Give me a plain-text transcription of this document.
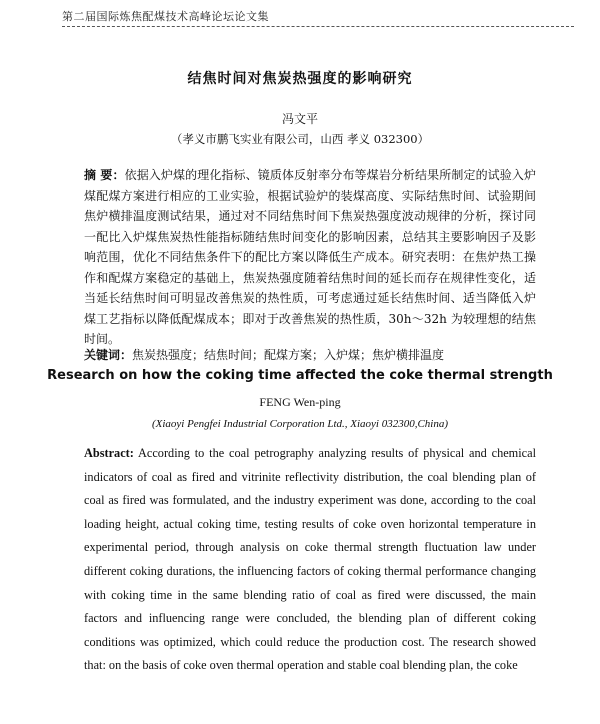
第二届国际炼焦配煤技术高峰论坛论文集
结焦时间对焦炭热强度的影响研究
冯文平
（孝义市鹏飞实业有限公司，山西 孝义 032300）
摘 要：依据入炉煤的理化指标、镜质体反射率分布等煤岩分析结果所制定的试验入炉煤配煤方案进行相应的工业实验，根据试验炉的装煤高度、实际结焦时间、试验期间焦炉横排温度测试结果，通过对不同结焦时间下焦炭热强度波动规律的分析，探讨同一配比入炉煤焦炭热性能指标随结焦时间变化的影响因素，总结其主要影响因子及影响范围，优化不同结焦条件下的配比方案以降低生产成本。研究表明：在焦炉热工操作和配煤方案稳定的基础上，焦炭热强度随着结焦时间的延长而存在规律性变化，适当延长结焦时间可明显改善焦炭的热性质，可考虑通过延长结焦时间、适当降低入炉煤工艺指标以降低配煤成本；即对于改善焦炭的热性质，30h～32h 为较理想的结焦时间。
关键词：焦炭热强度；结焦时间；配煤方案；入炉煤；焦炉横排温度
Research on how the coking time affected the coke thermal strength
FENG Wen-ping
(Xiaoyi Pengfei Industrial Corporation Ltd., Xiaoyi 032300,China)
Abstract: According to the coal petrography analyzing results of physical and chemical indicators of coal as fired and vitrinite reflectivity distribution, the coal blending plan of coal as fired was formulated, and the industry experiment was done, according to the coal loading height, actual coking time, testing results of coke oven horizontal temperature in experimental period, through analysis on coke thermal strength fluctuation law under different coking durations, the influencing factors of coking thermal performance changing with coking time in the same blending ratio of coal as fired were discussed, the main factors and influencing range were concluded, the blending plan of different coking conditions was optimized, which could reduce the production cost. The research showed that: on the basis of coke oven thermal operation and stable coal blending plan, the coke
